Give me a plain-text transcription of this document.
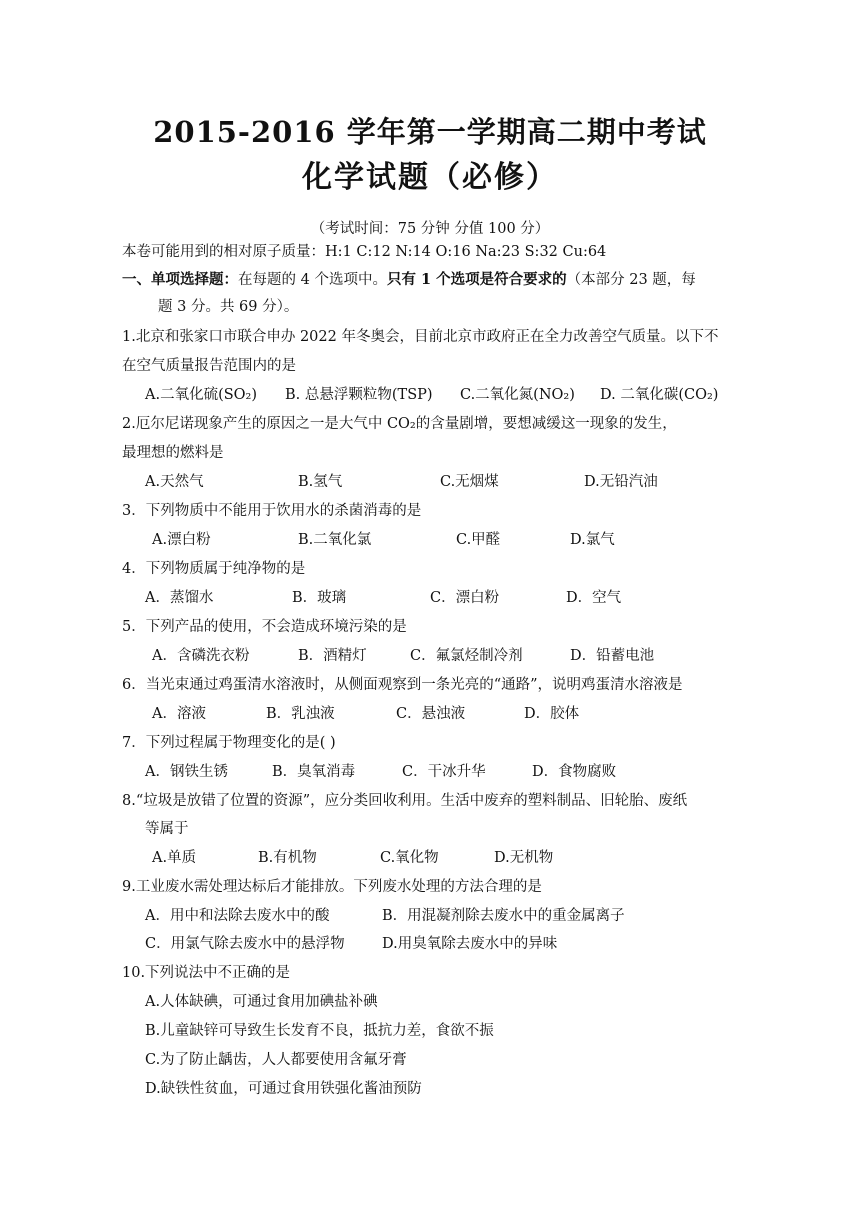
2015-2016 学年第一学期高二期中考试
化学试题（必修）
（考试时间：75 分钟 分值 100 分）
本卷可能用到的相对原子质量：H:1 C:12 N:14 O:16 Na:23 S:32 Cu:64
一、单项选择题：在每题的 4 个选项中。只有 1 个选项是符合要求的（本部分 23 题，每
题 3 分。共 69 分）。
1.北京和张家口市联合申办 2022 年冬奥会，目前北京市政府正在全力改善空气质量。以下不
在空气质量报告范围内的是
A.二氧化硫(SO₂) B. 总悬浮颗粒物(TSP) C.二氧化氮(NO₂) D. 二氧化碳(CO₂)
2.厄尔尼诺现象产生的原因之一是大气中 CO₂的含量剧增，要想减缓这一现象的发生，
最理想的燃料是
A.天然气	B.氢气	C.无烟煤	D.无铅汽油
3．下列物质中不能用于饮用水的杀菌消毒的是
A.漂白粉	B.二氧化氯	C.甲醛	D.氯气
4．下列物质属于纯净物的是
A．蒸馏水	B．玻璃	C．漂白粉	D．空气
5．下列产品的使用，不会造成环境污染的是
A．含磷洗衣粉	B．酒精灯	C．氟氯烃制冷剂	D．铅蓄电池
6．当光束通过鸡蛋清水溶液时，从侧面观察到一条光亮的“通路”，说明鸡蛋清水溶液是
A．溶液	B．乳浊液	C．悬浊液	D．胶体
7．下列过程属于物理变化的是( )
A．钢铁生锈	B．臭氧消毒	C．干冰升华	D．食物腐败
8.“垃圾是放错了位置的资源”，应分类回收利用。生活中废弃的塑料制品、旧轮胎、废纸
等属于
A.单质	B.有机物	C.氧化物	D.无机物
9.工业废水需处理达标后才能排放。下列废水处理的方法合理的是
A．用中和法除去废水中的酸	B．用混凝剂除去废水中的重金属离子
C．用氯气除去废水中的悬浮物	D.用臭氧除去废水中的异味
10.下列说法中不正确的是
A.人体缺碘，可通过食用加碘盐补碘
B.儿童缺锌可导致生长发育不良，抵抗力差，食欲不振
C.为了防止龋齿，人人都要使用含氟牙膏
D.缺铁性贫血，可通过食用铁强化酱油预防
